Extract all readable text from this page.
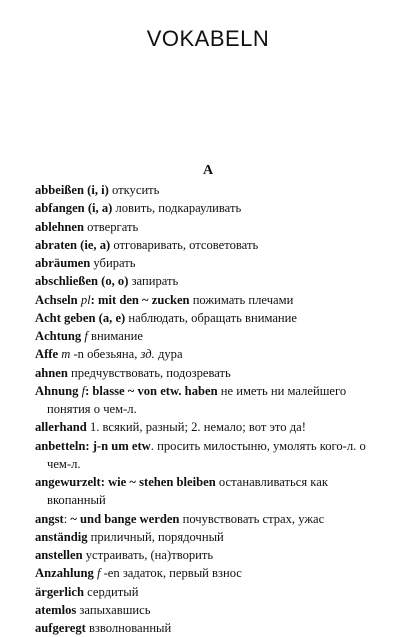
VOKABELN
A

abbeißen (i, i) откусить

abfangen (i, a) ловить, подкарауливать

ablehnen отвергать

abraten (ie, a) отговаривать, отсоветовать

abräumen убирать

abschließen (o, o) запирать

Achseln pl: mit den ~ zucken пожимать плечами

Acht geben (a, e) наблюдать, обращать внимание

Achtung f внимание

Affe m -n обезьяна, зд. дура

ahnen предчувствовать, подозревать

Ahnung f: blasse ~ von etw. haben не иметь ни малейшего понятия о чем-л.

allerhand 1. всякий, разный; 2. немало; вот это да!

anbetteln: j-n um etw. просить милостыню, умолять кого-л. о чем-л.

angewurzelt: wie ~ stehen bleiben останавливаться как вкопанный

angst: ~ und bange werden почувствовать страх, ужас

anständig приличный, порядочный

anstellen устраивать, (на)творить

Anzahlung f -en задаток, первый взнос

ärgerlich сердитый

atemlos запыхавшись

aufgeregt взволнованный
